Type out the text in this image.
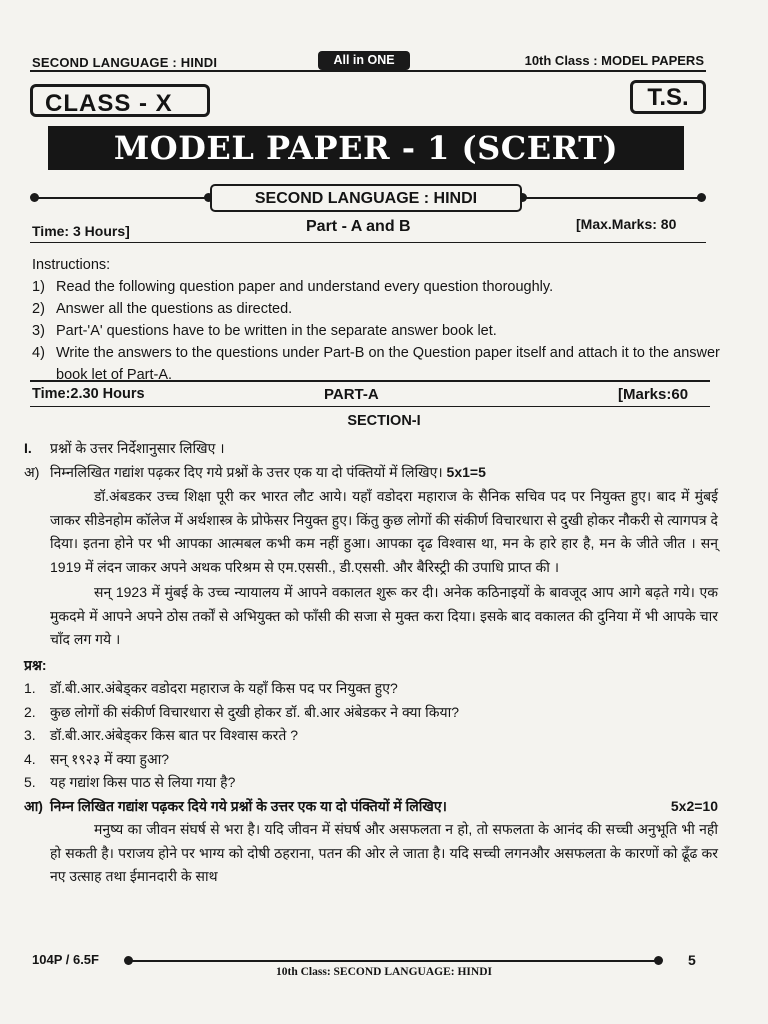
SECOND LANGUAGE : HINDI	All in ONE	10th Class : MODEL PAPERS
CLASS - X	T.S.
MODEL PAPER - 1 (SCERT)
SECOND LANGUAGE : HINDI
Time: 3 Hours]	Part - A and B	[Max.Marks: 80
Instructions:
1) Read the following question paper and understand every question thoroughly.
2) Answer all the questions as directed.
3) Part-'A' questions have to be written in the separate answer book let.
4) Write the answers to the questions under Part-B on the Question paper itself and attach it to the answer book let of Part-A.
Time:2.30 Hours	PART-A	[Marks:60
SECTION-I
I.	प्रश्नों के उत्तर निर्देशानुसार लिखिए ।
अ) निम्नलिखित गद्यांश पढ़कर दिए गये प्रश्नों के उत्तर एक या दो पंक्तियों में लिखिए। 5x1=5
डॉ.अंबडकर उच्च शिक्षा पूरी कर भारत लौट आये। यहाँ वडोदरा महाराज के सैनिक सचिव पद पर नियुक्त हुए। बाद में मुंबई जाकर सीडेनहोम कॉलेज में अर्थशास्त्र के प्रोफेसर नियुक्त हुए। किंतु कुछ लोगों की संकीर्ण विचारधारा से दुखी होकर नौकरी से त्यागपत्र दे दिया। इतना होने पर भी आपका आत्मबल कभी कम नहीं हुआ। आपका दृढ विश्वास था, मन के हारे हार है, मन के जीते जीत । सन् 1919 में लंदन जाकर अपने अथक परिश्रम से एम.एससी., डी.एससी. और बैरिस्ट्री की उपाधि प्राप्त की ।
सन् 1923 में मुंबई के उच्च न्यायालय में आपने वकालत शुरू कर दी। अनेक कठिनाइयों के बावजूद आप आगे बढ़ते गये। एक मुकदमे में आपने अपने ठोस तर्कों से अभियुक्त को फाँसी की सजा से मुक्त करा दिया। इसके बाद वकालत की दुनिया में भी आपके चार चाँद लग गये ।
प्रश्न:
1.	डॉ.बी.आर.अंबेड्कर वडोदरा महाराज के यहाँ किस पद पर नियुक्त हुए?
2.	कुछ लोगों की संकीर्ण विचारधारा से दुखी होकर डॉ. बी.आर अंबेडकर ने क्या किया?
3.	डॉ.बी.आर.अंबेड्कर किस बात पर विश्वास करते ?
4.	सन् १९२३ में क्या हुआ?
5.	यह गद्यांश किस पाठ से लिया गया है?
आ) निम्न लिखित गद्यांश पढ़कर दिये गये प्रश्नों के उत्तर एक या दो पंक्तियों में लिखिए।	5x2=10
मनुष्य का जीवन संघर्ष से भरा है। यदि जीवन में संघर्ष और असफलता न हो, तो सफलता के आनंद की सच्ची अनुभूति भी नही हो सकती है। पराजय होने पर भाग्य को दोषी ठहराना, पतन की ओर ले जाता है। यदि सच्ची लगनऔर असफलता के कारणों को ढूँढ कर नए उत्साह तथा ईमानदारी के साथ
104P / 6.5F	5
10th Class: SECOND LANGUAGE: HINDI
